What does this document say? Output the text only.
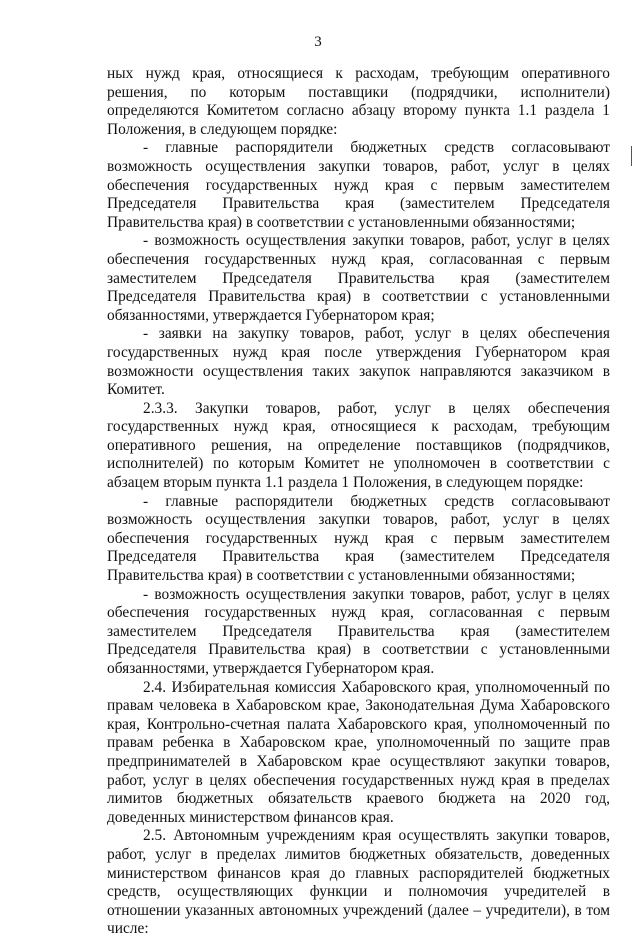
3

ных нужд края, относящиеся к расходам, требующим оперативного решения, по которым поставщики (подрядчики, исполнители) определяются Комитетом согласно абзацу второму пункта 1.1 раздела 1 Положения, в следующем порядке:

- главные распорядители бюджетных средств согласовывают возможность осуществления закупки товаров, работ, услуг в целях обеспечения государственных нужд края с первым заместителем Председателя Правительства края (заместителем Председателя Правительства края) в соответствии с установленными обязанностями;

- возможность осуществления закупки товаров, работ, услуг в целях обеспечения государственных нужд края, согласованная с первым заместителем Председателя Правительства края (заместителем Председателя Правительства края) в соответствии с установленными обязанностями, утверждается Губернатором края;

- заявки на закупку товаров, работ, услуг в целях обеспечения государственных нужд края после утверждения Губернатором края возможности осуществления таких закупок направляются заказчиком в Комитет.

2.3.3. Закупки товаров, работ, услуг в целях обеспечения государственных нужд края, относящиеся к расходам, требующим оперативного решения, на определение поставщиков (подрядчиков, исполнителей) по которым Комитет не уполномочен в соответствии с абзацем вторым пункта 1.1 раздела 1 Положения, в следующем порядке:

- главные распорядители бюджетных средств согласовывают возможность осуществления закупки товаров, работ, услуг в целях обеспечения государственных нужд края с первым заместителем Председателя Правительства края (заместителем Председателя Правительства края) в соответствии с установленными обязанностями;

- возможность осуществления закупки товаров, работ, услуг в целях обеспечения государственных нужд края, согласованная с первым заместителем Председателя Правительства края (заместителем Председателя Правительства края) в соответствии с установленными обязанностями, утверждается Губернатором края.

2.4. Избирательная комиссия Хабаровского края, уполномоченный по правам человека в Хабаровском крае, Законодательная Дума Хабаровского края, Контрольно-счетная палата Хабаровского края, уполномоченный по правам ребенка в Хабаровском крае, уполномоченный по защите прав предпринимателей в Хабаровском крае осуществляют закупки товаров, работ, услуг в целях обеспечения государственных нужд края в пределах лимитов бюджетных обязательств краевого бюджета на 2020 год, доведенных министерством финансов края.

2.5. Автономным учреждениям края осуществлять закупки товаров, работ, услуг в пределах лимитов бюджетных обязательств, доведенных министерством финансов края до главных распорядителей бюджетных средств, осуществляющих функции и полномочия учредителей в отношении указанных автономных учреждений (далее – учредители), в том числе:
